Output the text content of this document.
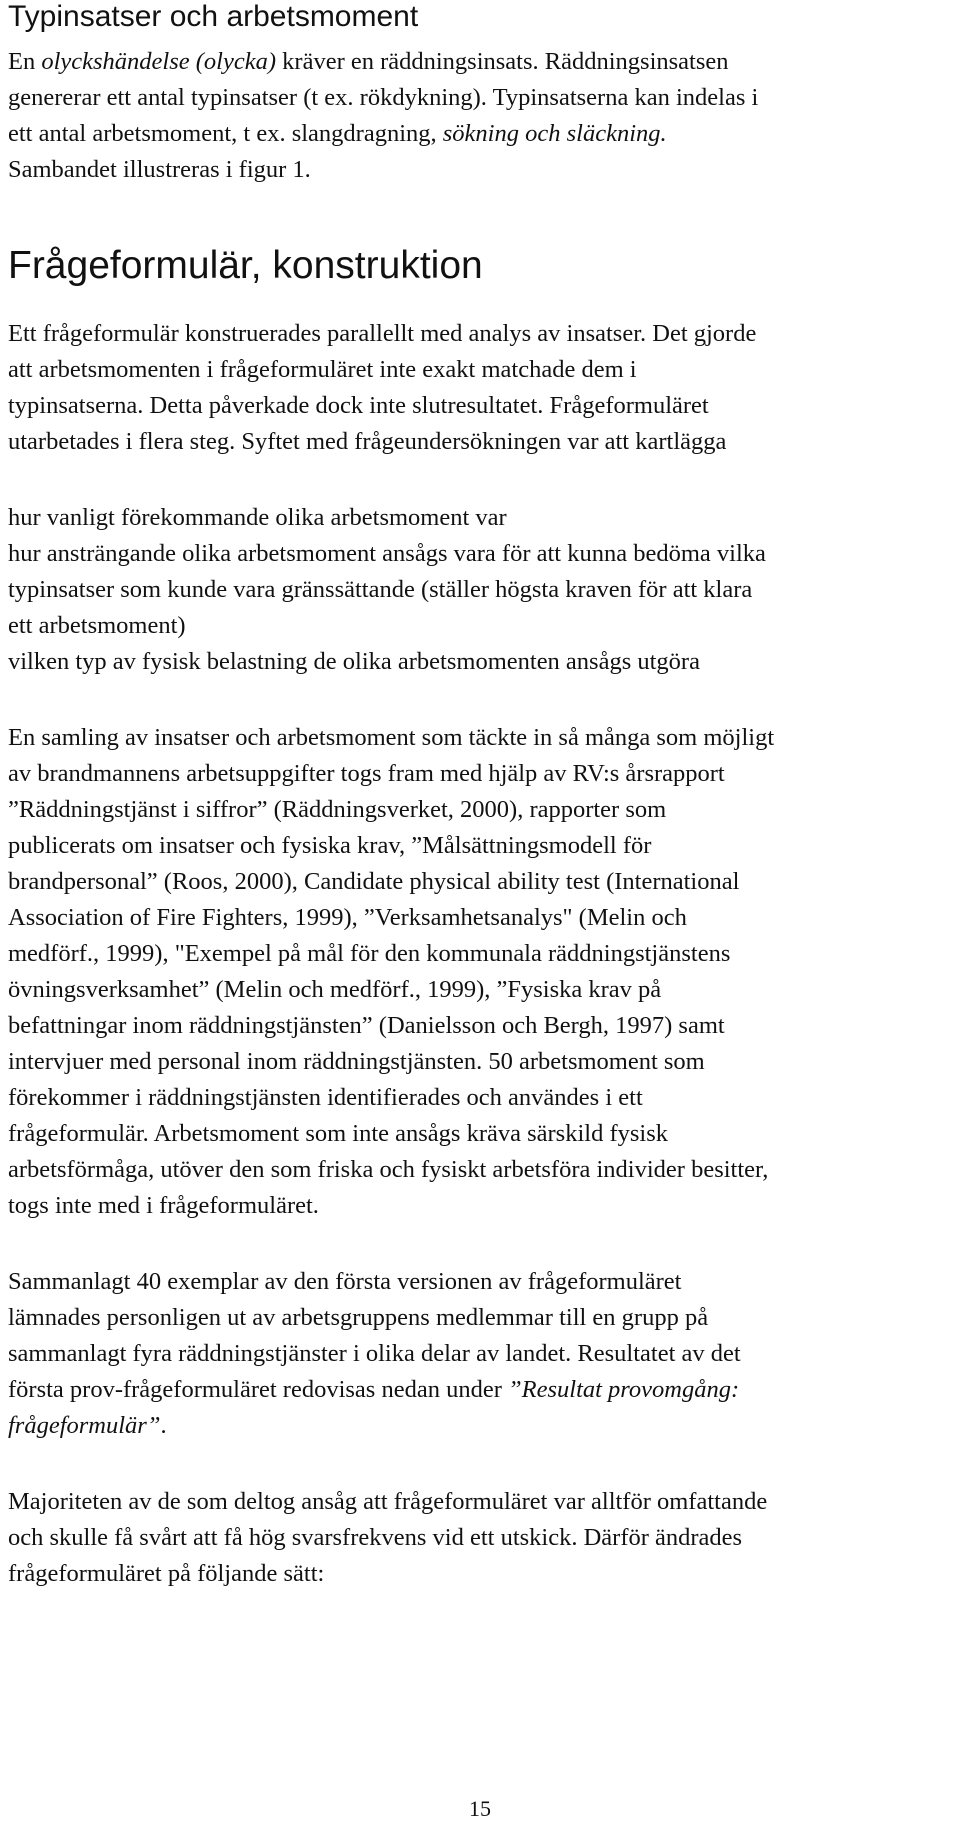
Typinsatser och arbetsmoment
En olyckshändelse (olycka) kräver en räddningsinsats. Räddningsinsatsen
genererar ett antal typinsatser (t ex. rökdykning). Typinsatserna kan indelas i
ett antal arbetsmoment, t ex. slangdragning, sökning och släckning.
Sambandet illustreras i figur 1.
Frågeformulär, konstruktion
Ett frågeformulär konstruerades parallellt med analys av insatser. Det gjorde
att arbetsmomenten i frågeformuläret inte exakt matchade dem i
typinsatserna. Detta påverkade dock inte slutresultatet. Frågeformuläret
utarbetades i flera steg. Syftet med frågeundersökningen var att kartlägga
hur vanligt förekommande olika arbetsmoment var
hur ansträngande olika arbetsmoment ansågs vara för att kunna bedöma vilka
typinsatser som kunde vara gränssättande (ställer högsta kraven för att klara
ett arbetsmoment)
vilken typ av fysisk belastning de olika arbetsmomenten ansågs utgöra
En samling av insatser och arbetsmoment som täckte in så många som möjligt
av brandmannens arbetsuppgifter togs fram med hjälp av RV:s årsrapport
”Räddningstjänst i siffror” (Räddningsverket, 2000), rapporter som
publicerats om insatser och fysiska krav, ”Målsättningsmodell för
brandpersonal” (Roos, 2000), Candidate physical ability test (International
Association of Fire Fighters, 1999), ”Verksamhetsanalys" (Melin och
medförf., 1999), "Exempel på mål för den kommunala räddningstjänstens
övningsverksamhet” (Melin och medförf., 1999), ”Fysiska krav på
befattningar inom räddningstjänsten” (Danielsson och Bergh, 1997) samt
intervjuer med personal inom räddningstjänsten. 50 arbetsmoment som
förekommer i räddningstjänsten identifierades och användes i ett
frågeformulär. Arbetsmoment som inte ansågs kräva särskild fysisk
arbetsförmåga, utöver den som friska och fysiskt arbetsföra individer besitter,
togs inte med i frågeformuläret.
Sammanlagt 40 exemplar av den första versionen av frågeformuläret
lämnades personligen ut av arbetsgruppens medlemmar till en grupp på
sammanlagt fyra räddningstjänster i olika delar av landet. Resultatet av det
första prov-frågeformuläret redovisas nedan under ”Resultat provomgång:
frågeformulär”.
Majoriteten av de som deltog ansåg att frågeformuläret var alltför omfattande
och skulle få svårt att få hög svarsfrekvens vid ett utskick. Därför ändrades
frågeformuläret på följande sätt:
15
